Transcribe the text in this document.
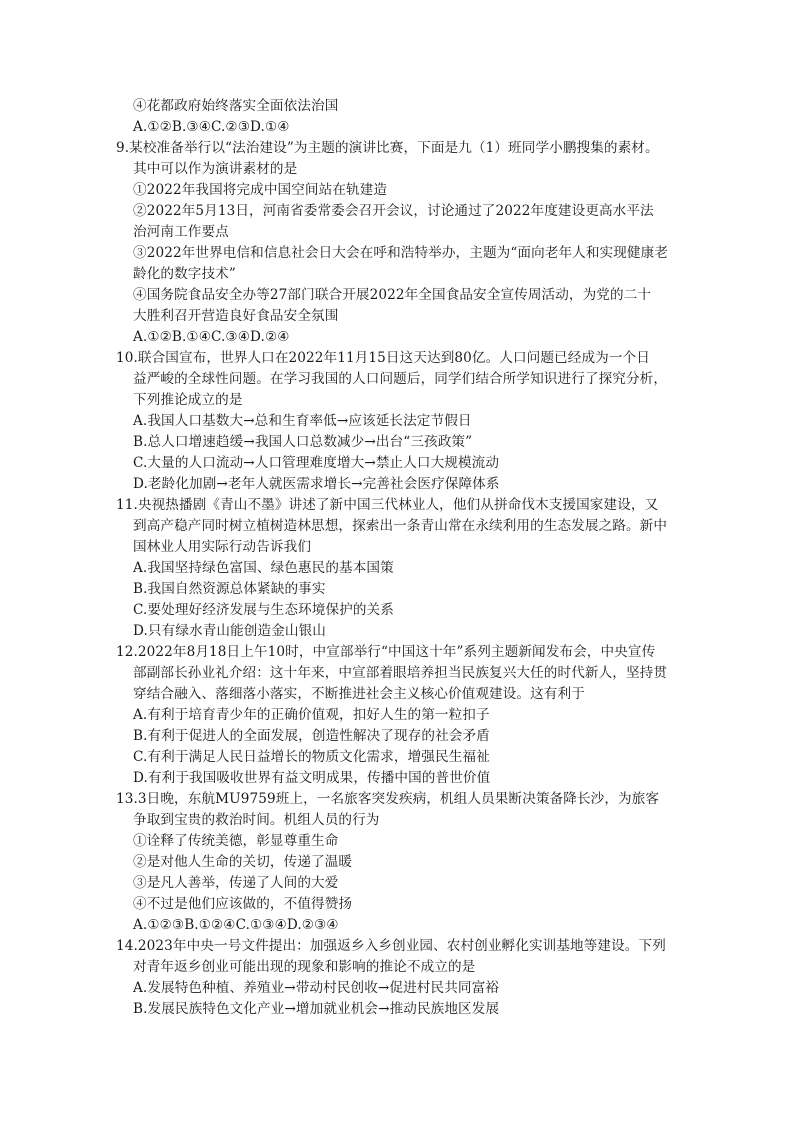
④花都政府始终落实全面依法治国
A.①②B.③④C.②③D.①④
9.某校准备举行以“法治建设”为主题的演讲比赛，下面是九（1）班同学小鹏搜集的素材。
其中可以作为演讲素材的是
①2022年我国将完成中国空间站在轨建造
②2022年5月13日，河南省委常委会召开会议，讨论通过了2022年度建设更高水平法
治河南工作要点
③2022年世界电信和信息社会日大会在呼和浩特举办，主题为“面向老年人和实现健康老
龄化的数字技术”
④国务院食品安全办等27部门联合开展2022年全国食品安全宣传周活动，为党的二十
大胜利召开营造良好食品安全氛围
A.①②B.①④C.③④D.②④
10.联合国宣布，世界人口在2022年11月15日这天达到80亿。人口问题已经成为一个日
益严峻的全球性问题。在学习我国的人口问题后，同学们结合所学知识进行了探究分析，
下列推论成立的是
A.我国人口基数大→总和生育率低→应该延长法定节假日
B.总人口增速趋缓→我国人口总数减少→出台“三孩政策”
C.大量的人口流动→人口管理难度增大→禁止人口大规模流动
D.老龄化加剧→老年人就医需求增长→完善社会医疗保障体系
11.央视热播剧《青山不墨》讲述了新中国三代林业人，他们从拼命伐木支援国家建设，又
到高产稳产同时树立植树造林思想，探索出一条青山常在永续利用的生态发展之路。新中
国林业人用实际行动告诉我们
A.我国坚持绿色富国、绿色惠民的基本国策
B.我国自然资源总体紧缺的事实
C.要处理好经济发展与生态环境保护的关系
D.只有绿水青山能创造金山银山
12.2022年8月18日上午10时，中宣部举行“中国这十年”系列主题新闻发布会，中央宣传
部副部长孙业礼介绍：这十年来，中宣部着眼培养担当民族复兴大任的时代新人，坚持贯
穿结合融入、落细落小落实，不断推进社会主义核心价值观建设。这有利于
A.有利于培育青少年的正确价值观，扣好人生的第一粒扣子
B.有利于促进人的全面发展，创造性解决了现存的社会矛盾
C.有利于满足人民日益增长的物质文化需求，增强民生福祉
D.有利于我国吸收世界有益文明成果，传播中国的普世价值
13.3日晚，东航MU9759班上，一名旅客突发疾病，机组人员果断决策备降长沙，为旅客
争取到宝贵的救治时间。机组人员的行为
①诠释了传统美德，彰显尊重生命
②是对他人生命的关切，传递了温暖
③是凡人善举，传递了人间的大爱
④不过是他们应该做的，不值得赞扬
A.①②③B.①②④C.①③④D.②③④
14.2023年中央一号文件提出：加强返乡入乡创业园、农村创业孵化实训基地等建设。下列
对青年返乡创业可能出现的现象和影响的推论不成立的是
A.发展特色种植、养殖业→带动村民创收→促进村民共同富裕
B.发展民族特色文化产业→增加就业机会→推动民族地区发展
